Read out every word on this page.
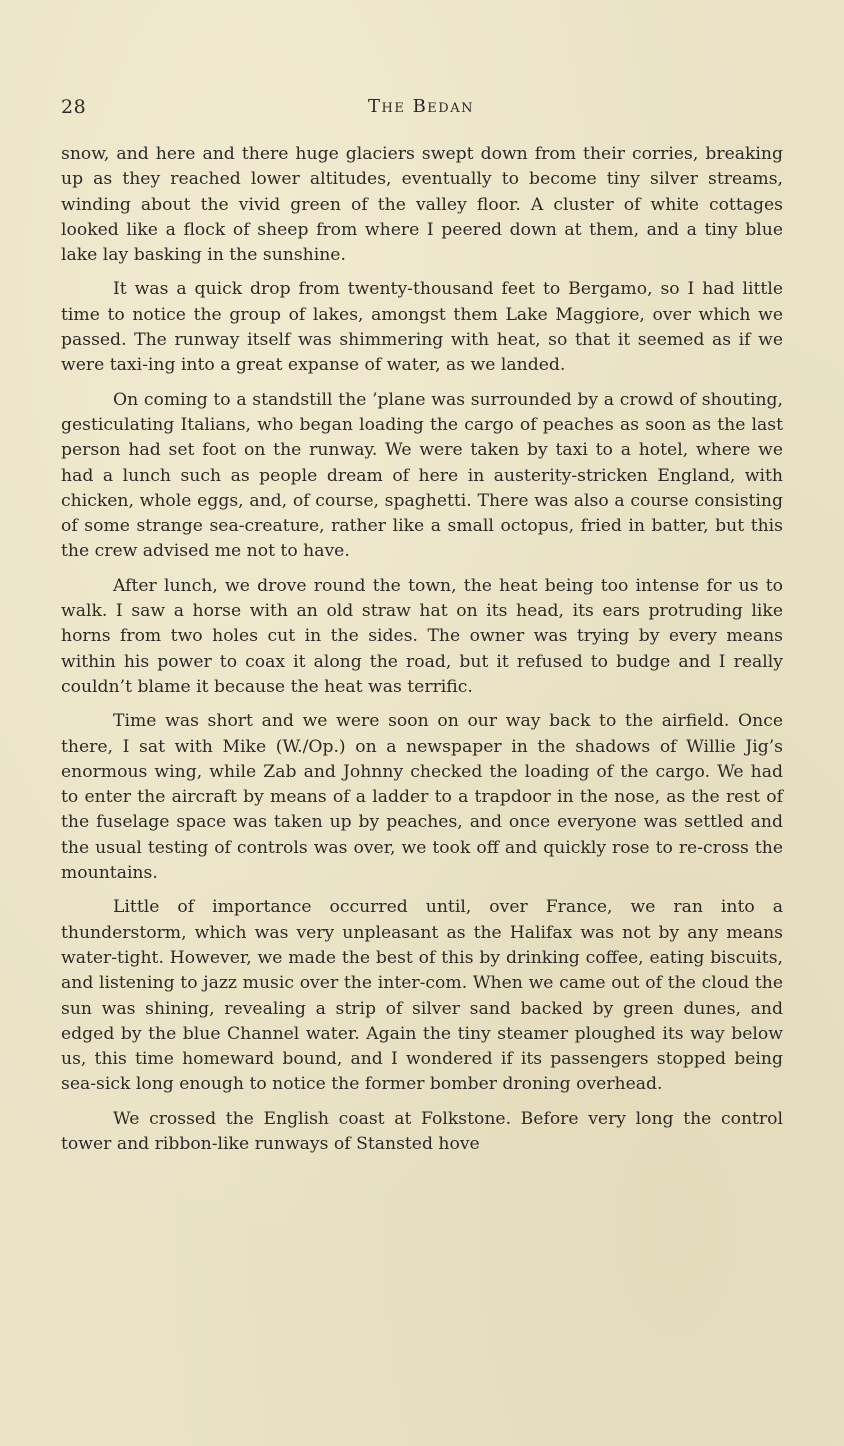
28	The Bedan

snow, and here and there huge glaciers swept down from their corries, breaking up as they reached lower altitudes, eventually to become tiny silver streams, winding about the vivid green of the valley floor. A cluster of white cottages looked like a flock of sheep from where I peered down at them, and a tiny blue lake lay basking in the sunshine.

It was a quick drop from twenty-thousand feet to Bergamo, so I had little time to notice the group of lakes, amongst them Lake Maggiore, over which we passed. The runway itself was shimmering with heat, so that it seemed as if we were taxi-ing into a great expanse of water, as we landed.

On coming to a standstill the ’plane was surrounded by a crowd of shouting, gesticulating Italians, who began loading the cargo of peaches as soon as the last person had set foot on the runway. We were taken by taxi to a hotel, where we had a lunch such as people dream of here in austerity-stricken England, with chicken, whole eggs, and, of course, spaghetti. There was also a course consisting of some strange sea-creature, rather like a small octopus, fried in batter, but this the crew advised me not to have.

After lunch, we drove round the town, the heat being too intense for us to walk. I saw a horse with an old straw hat on its head, its ears protruding like horns from two holes cut in the sides. The owner was trying by every means within his power to coax it along the road, but it refused to budge and I really couldn’t blame it because the heat was terrific.

Time was short and we were soon on our way back to the airfield. Once there, I sat with Mike (W./Op.) on a newspaper in the shadows of Willie Jig’s enormous wing, while Zab and Johnny checked the loading of the cargo. We had to enter the aircraft by means of a ladder to a trapdoor in the nose, as the rest of the fuselage space was taken up by peaches, and once everyone was settled and the usual testing of controls was over, we took off and quickly rose to re-cross the mountains.

Little of importance occurred until, over France, we ran into a thunderstorm, which was very unpleasant as the Halifax was not by any means water-tight. However, we made the best of this by drinking coffee, eating biscuits, and listening to jazz music over the inter-com. When we came out of the cloud the sun was shining, revealing a strip of silver sand backed by green dunes, and edged by the blue Channel water. Again the tiny steamer ploughed its way below us, this time homeward bound, and I wondered if its passengers stopped being sea-sick long enough to notice the former bomber droning overhead.

We crossed the English coast at Folkstone. Before very long the control tower and ribbon-like runways of Stansted hove
